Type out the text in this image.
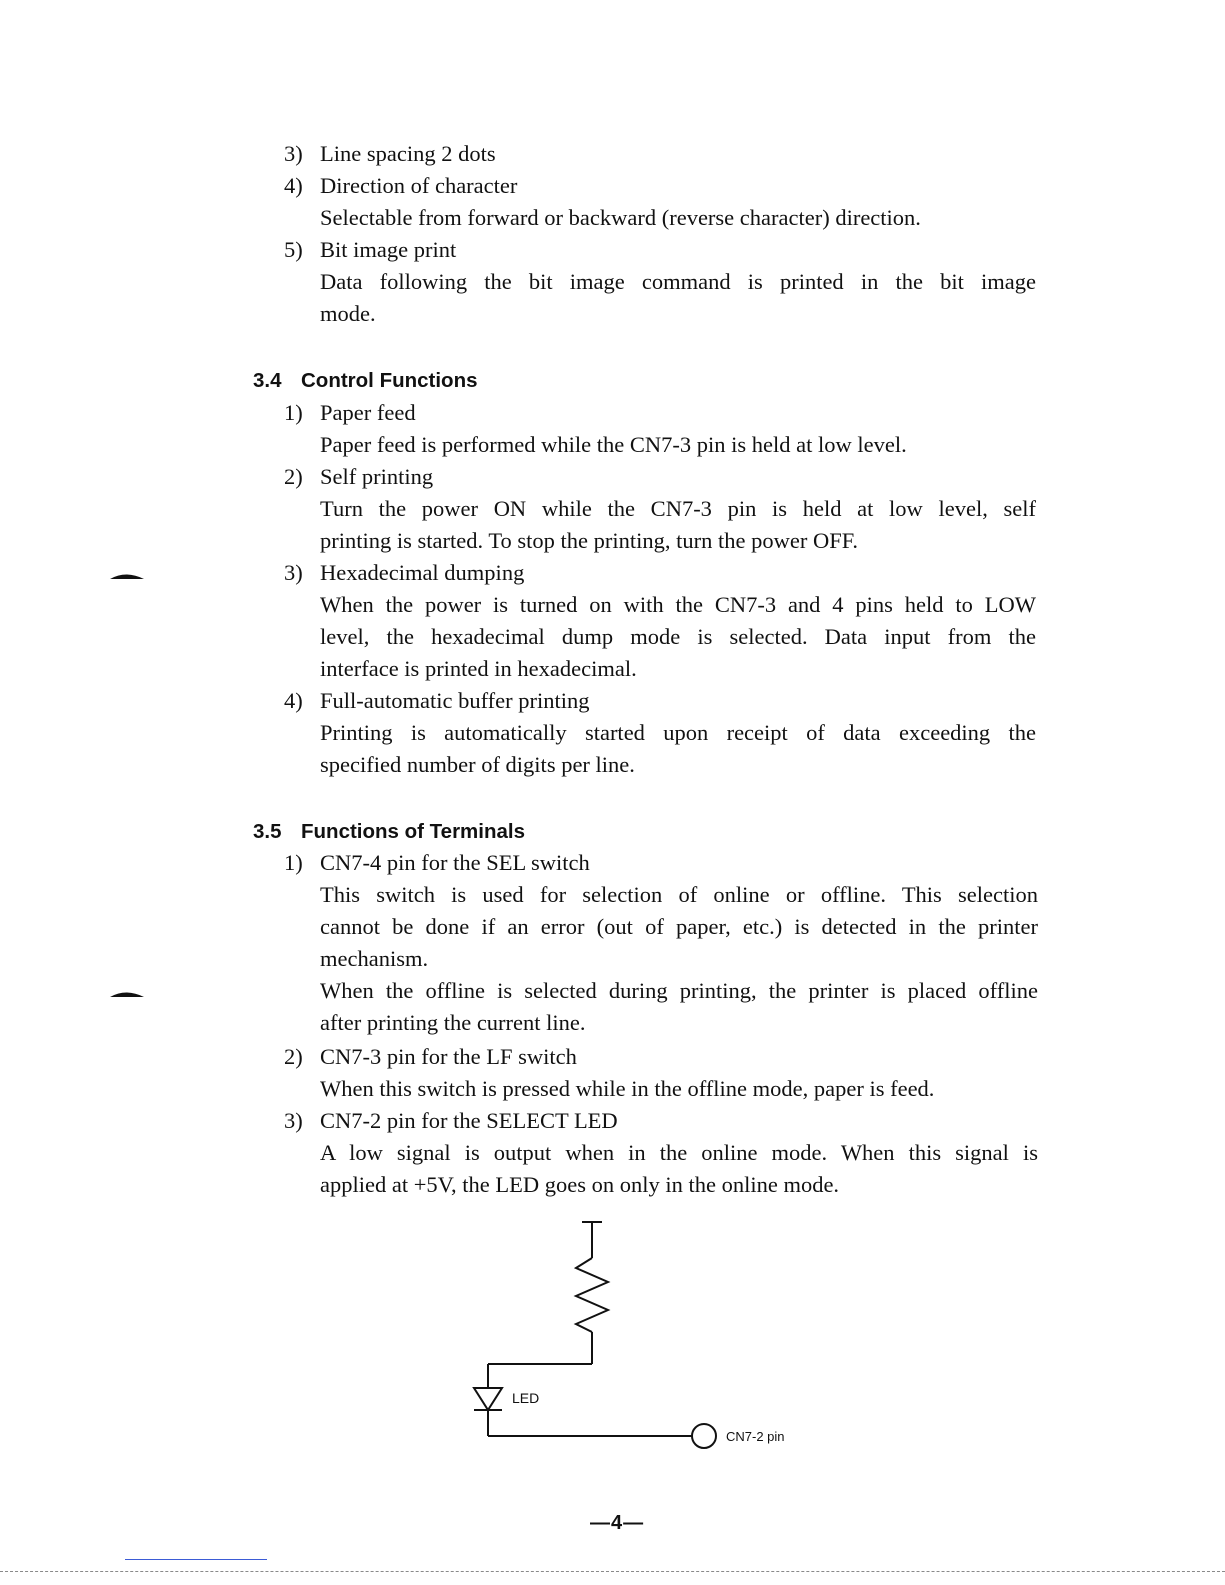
3) Line spacing 2 dots
4) Direction of character
Selectable from forward or backward (reverse character) direction.
5) Bit image print
Data following the bit image command is printed in the bit image
mode.
3.4 Control Functions
1) Paper feed
Paper feed is performed while the CN7-3 pin is held at low level.
2) Self printing
Turn the power ON while the CN7-3 pin is held at low level, self
printing is started. To stop the printing, turn the power OFF.
3) Hexadecimal dumping
When the power is turned on with the CN7-3 and 4 pins held to LOW
level, the hexadecimal dump mode is selected. Data input from the
interface is printed in hexadecimal.
4) Full-automatic buffer printing
Printing is automatically started upon receipt of data exceeding the
specified number of digits per line.
3.5 Functions of Terminals
1) CN7-4 pin for the SEL switch
This switch is used for selection of online or offline. This selection
cannot be done if an error (out of paper, etc.) is detected in the printer
mechanism.
When the offline is selected during printing, the printer is placed offline
after printing the current line.
2) CN7-3 pin for the LF switch
When this switch is pressed while in the offline mode, paper is feed.
3) CN7-2 pin for the SELECT LED
A low signal is output when in the online mode. When this signal is
applied at +5V, the LED goes on only in the online mode.
LED
CN7-2 pin
—4—
